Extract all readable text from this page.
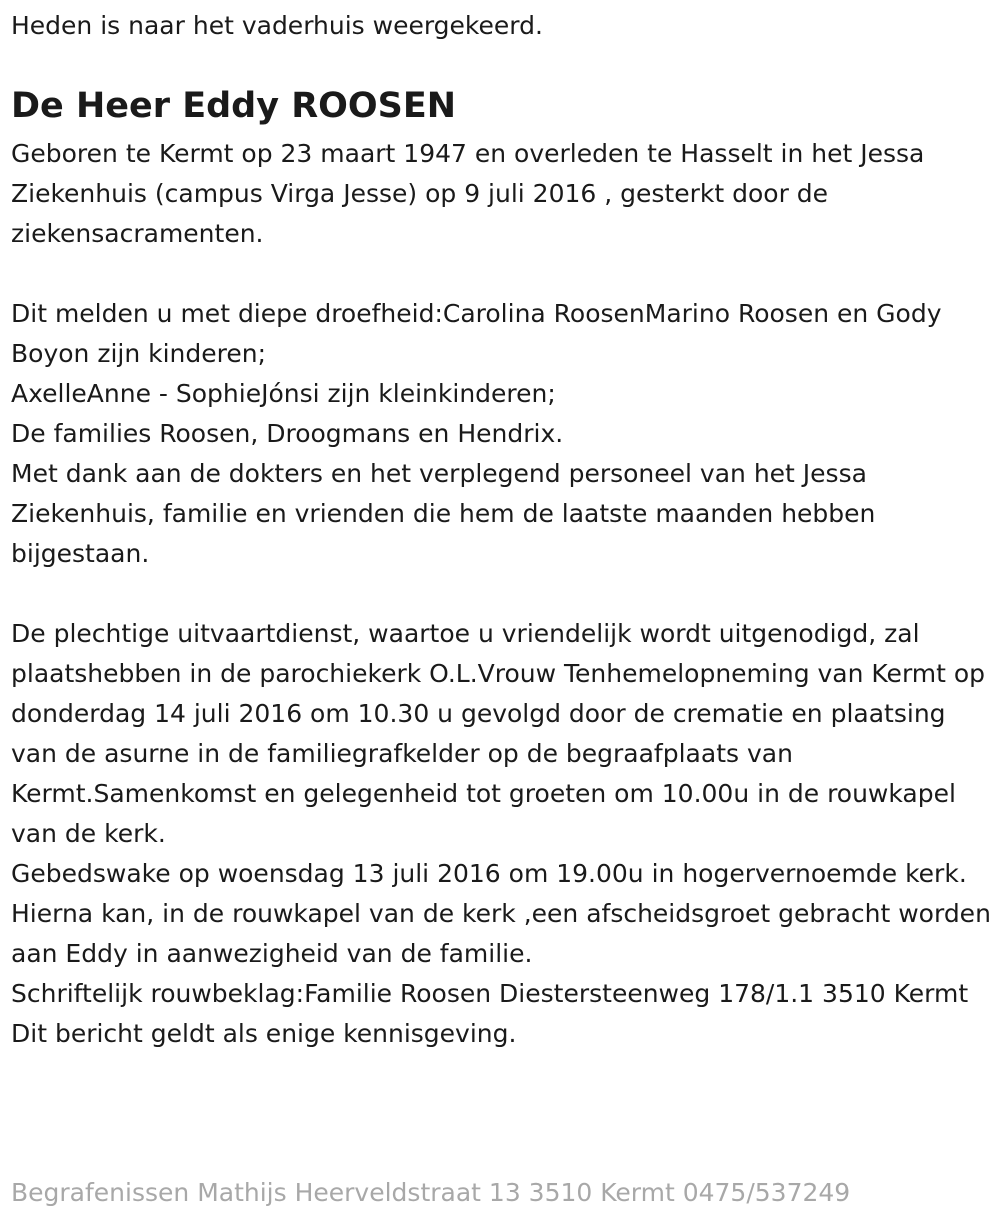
Heden is naar het vaderhuis weergekeerd.

De Heer Eddy ROOSEN

Geboren te Kermt op 23 maart 1947 en overleden te Hasselt in het Jessa Ziekenhuis (campus Virga Jesse) op 9 juli 2016 , gesterkt door de ziekensacramenten.

Dit melden u met diepe droefheid:Carolina RoosenMarino Roosen en Gody Boyon zijn kinderen;

AxelleAnne - SophieJónsi zijn kleinkinderen;

De families Roosen, Droogmans en Hendrix.

Met dank aan de dokters en het verplegend personeel van het Jessa Ziekenhuis, familie en vrienden die hem de laatste maanden hebben bijgestaan.

De plechtige uitvaartdienst, waartoe u vriendelijk wordt uitgenodigd, zal plaatshebben in de parochiekerk O.L.Vrouw Tenhemelopneming van Kermt op donderdag 14 juli 2016 om 10.30 u gevolgd door de crematie en plaatsing van de asurne in de familiegrafkelder op de begraafplaats van Kermt.Samenkomst en gelegenheid tot groeten om 10.00u in de rouwkapel van de kerk.

Gebedswake op woensdag 13 juli 2016 om 19.00u in hogervernoemde kerk.

Hierna kan, in de rouwkapel van de kerk ,een afscheidsgroet gebracht worden aan Eddy in aanwezigheid van de familie.

Schriftelijk rouwbeklag:Familie Roosen Diestersteenweg 178/1.1 3510 Kermt

Dit bericht geldt als enige kennisgeving.

Begrafenissen Mathijs Heerveldstraat 13 3510 Kermt 0475/537249
